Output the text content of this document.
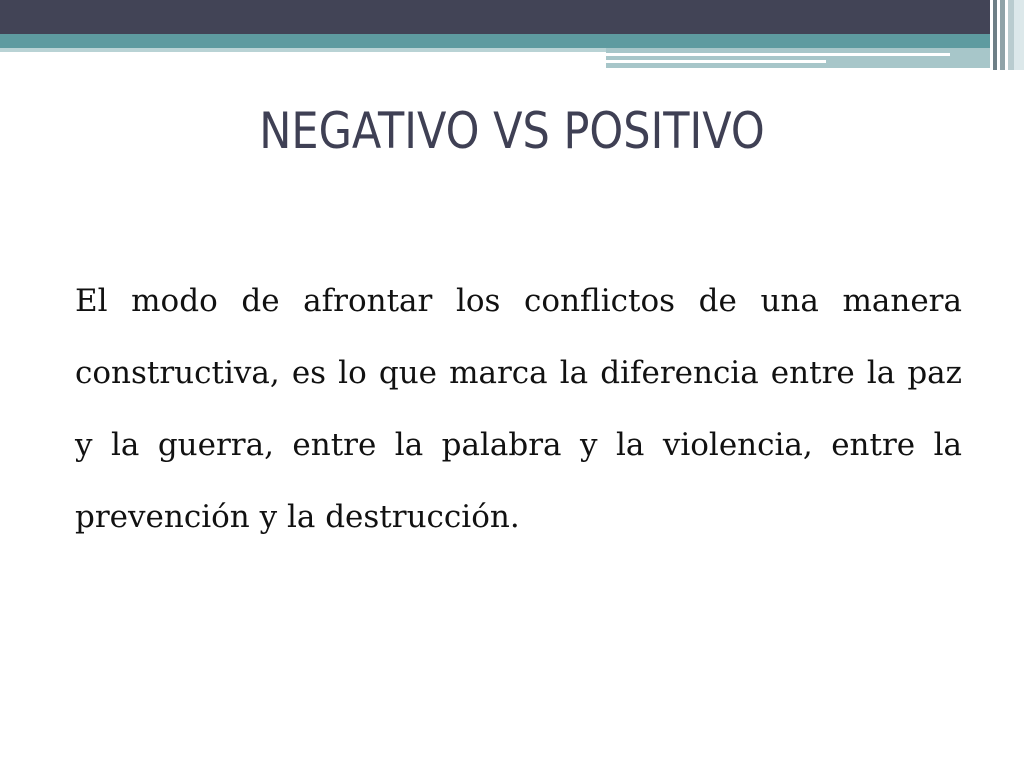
NEGATIVO VS POSITIVO
El modo de afrontar los conflictos de una manera constructiva, es lo que marca la diferencia entre la paz y la guerra, entre la palabra y la violencia, entre la prevención y la destrucción.
